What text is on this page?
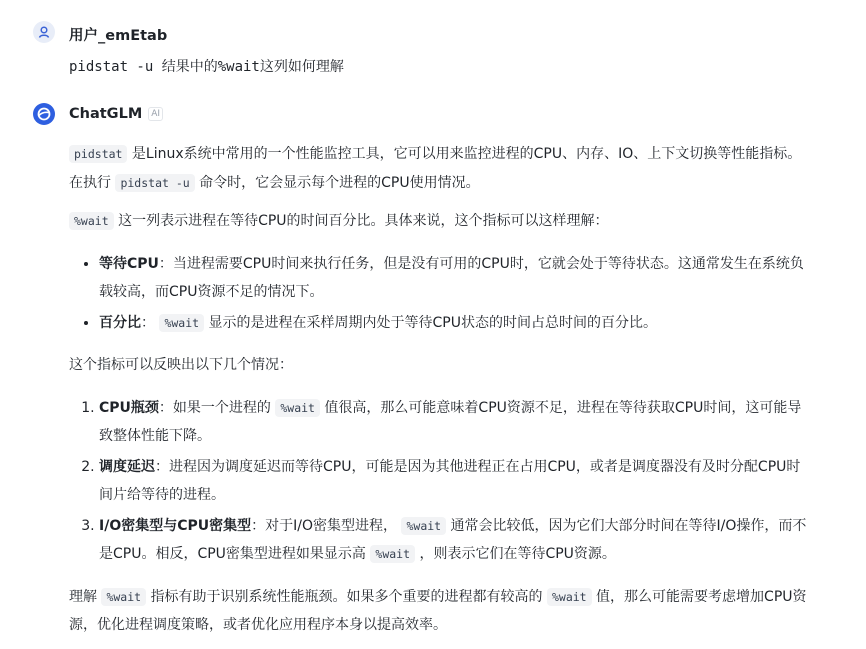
用户_emEtab
pidstat -u 结果中的%wait这列如何理解
ChatGLM AI

pidstat 是Linux系统中常用的一个性能监控工具，它可以用来监控进程的CPU、内存、IO、上下文切换等性能指标。在执行 pidstat -u 命令时，它会显示每个进程的CPU使用情况。

%wait 这一列表示进程在等待CPU的时间百分比。具体来说，这个指标可以这样理解：

• 等待CPU：当进程需要CPU时间来执行任务，但是没有可用的CPU时，它就会处于等待状态。这通常发生在系统负载较高，而CPU资源不足的情况下。
• 百分比： %wait 显示的是进程在采样周期内处于等待CPU状态的时间占总时间的百分比。

这个指标可以反映出以下几个情况：

1. CPU瓶颈：如果一个进程的 %wait 值很高，那么可能意味着CPU资源不足，进程在等待获取CPU时间，这可能导致整体性能下降。
2. 调度延迟：进程因为调度延迟而等待CPU，可能是因为其他进程正在占用CPU，或者是调度器没有及时分配CPU时间片给等待的进程。
3. I/O密集型与CPU密集型：对于I/O密集型进程， %wait 通常会比较低，因为它们大部分时间在等待I/O操作，而不是CPU。相反，CPU密集型进程如果显示高 %wait ，则表示它们在等待CPU资源。

理解 %wait 指标有助于识别系统性能瓶颈。如果多个重要的进程都有较高的 %wait 值，那么可能需要考虑增加CPU资源，优化进程调度策略，或者优化应用程序本身以提高效率。
